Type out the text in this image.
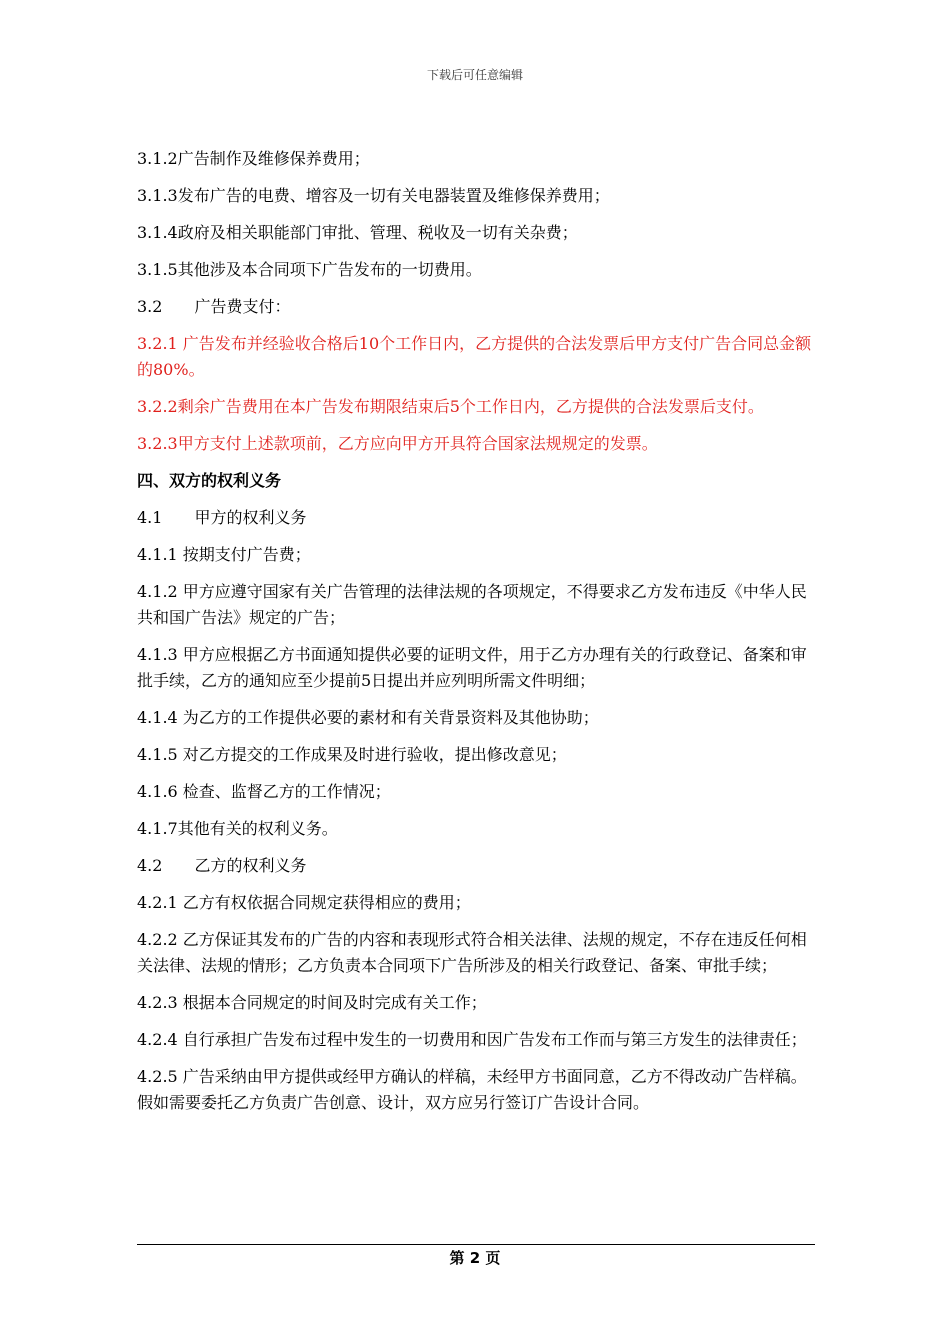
下载后可任意编辑

3.1.2广告制作及维修保养费用；

3.1.3发布广告的电费、增容及一切有关电器装置及维修保养费用；

3.1.4政府及相关职能部门审批、管理、税收及一切有关杂费；

3.1.5其他涉及本合同项下广告发布的一切费用。

3.2　　广告费支付：

3.2.1 广告发布并经验收合格后10个工作日内，乙方提供的合法发票后甲方支付广告合同总金额的80%。

3.2.2剩余广告费用在本广告发布期限结束后5个工作日内，乙方提供的合法发票后支付。

3.2.3甲方支付上述款项前，乙方应向甲方开具符合国家法规规定的发票。

四、双方的权利义务

4.1　　甲方的权利义务

4.1.1 按期支付广告费；

4.1.2 甲方应遵守国家有关广告管理的法律法规的各项规定，不得要求乙方发布违反《中华人民共和国广告法》规定的广告；

4.1.3 甲方应根据乙方书面通知提供必要的证明文件，用于乙方办理有关的行政登记、备案和审批手续，乙方的通知应至少提前5日提出并应列明所需文件明细；

4.1.4 为乙方的工作提供必要的素材和有关背景资料及其他协助；

4.1.5 对乙方提交的工作成果及时进行验收，提出修改意见；

4.1.6 检查、监督乙方的工作情况；

4.1.7其他有关的权利义务。

4.2　　乙方的权利义务

4.2.1 乙方有权依据合同规定获得相应的费用；

4.2.2 乙方保证其发布的广告的内容和表现形式符合相关法律、法规的规定，不存在违反任何相关法律、法规的情形；乙方负责本合同项下广告所涉及的相关行政登记、备案、审批手续；

4.2.3 根据本合同规定的时间及时完成有关工作；

4.2.4 自行承担广告发布过程中发生的一切费用和因广告发布工作而与第三方发生的法律责任；

4.2.5 广告采纳由甲方提供或经甲方确认的样稿，未经甲方书面同意，乙方不得改动广告样稿。假如需要委托乙方负责广告创意、设计，双方应另行签订广告设计合同。

第 2 页
